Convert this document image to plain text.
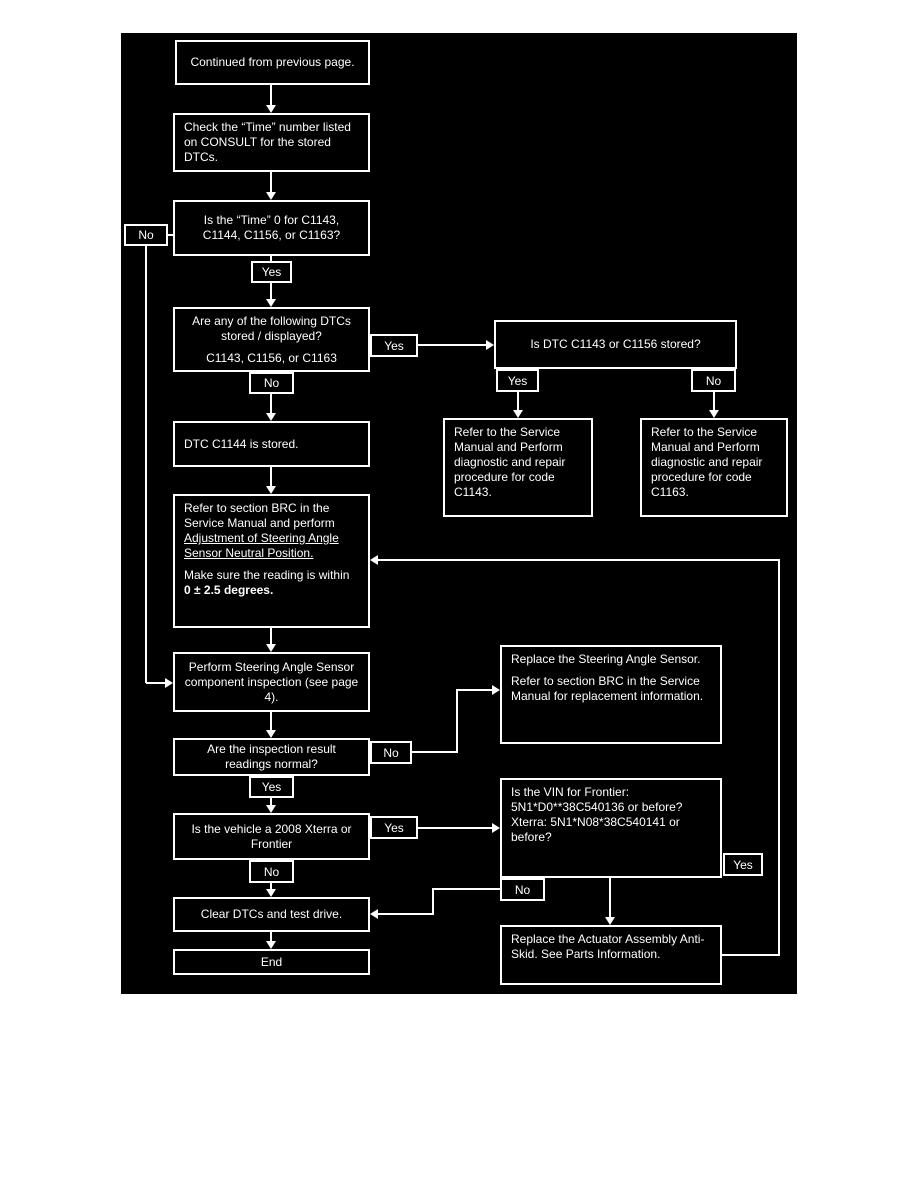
Continued from previous page.
Check the “Time” number listed on CONSULT for the stored DTCs.
Is the “Time” 0 for C1143, C1144, C1156, or C1163?

Are any of the following DTCs stored / displayed?

C1143, C1156, or C1163

DTC C1144 is stored.

Refer to section BRC in the Service Manual and perform Adjustment of Steering Angle Sensor Neutral Position.

Make sure the reading is within 0 ± 2.5 degrees.

Perform Steering Angle Sensor component inspection (see page 4).
Are the inspection result readings normal?
Is the vehicle a 2008 Xterra or Frontier
Clear DTCs and test drive.
End
Is DTC C1143 or C1156 stored?
Refer to the Service Manual and Perform diagnostic and repair procedure for code C1143.
Refer to the Service Manual and Perform diagnostic and repair procedure for code C1163.

Replace the Steering Angle Sensor.

Refer to section BRC in the Service Manual for replacement information.

Is the VIN for Frontier: 5N1*D0**38C540136 or before? Xterra: 5N1*N08*38C540141 or before?
Replace the Actuator Assembly Anti-Skid. See Parts Information.
No
Yes
Yes
No	Yes	No
No
Yes
Yes
No	Yes
No
